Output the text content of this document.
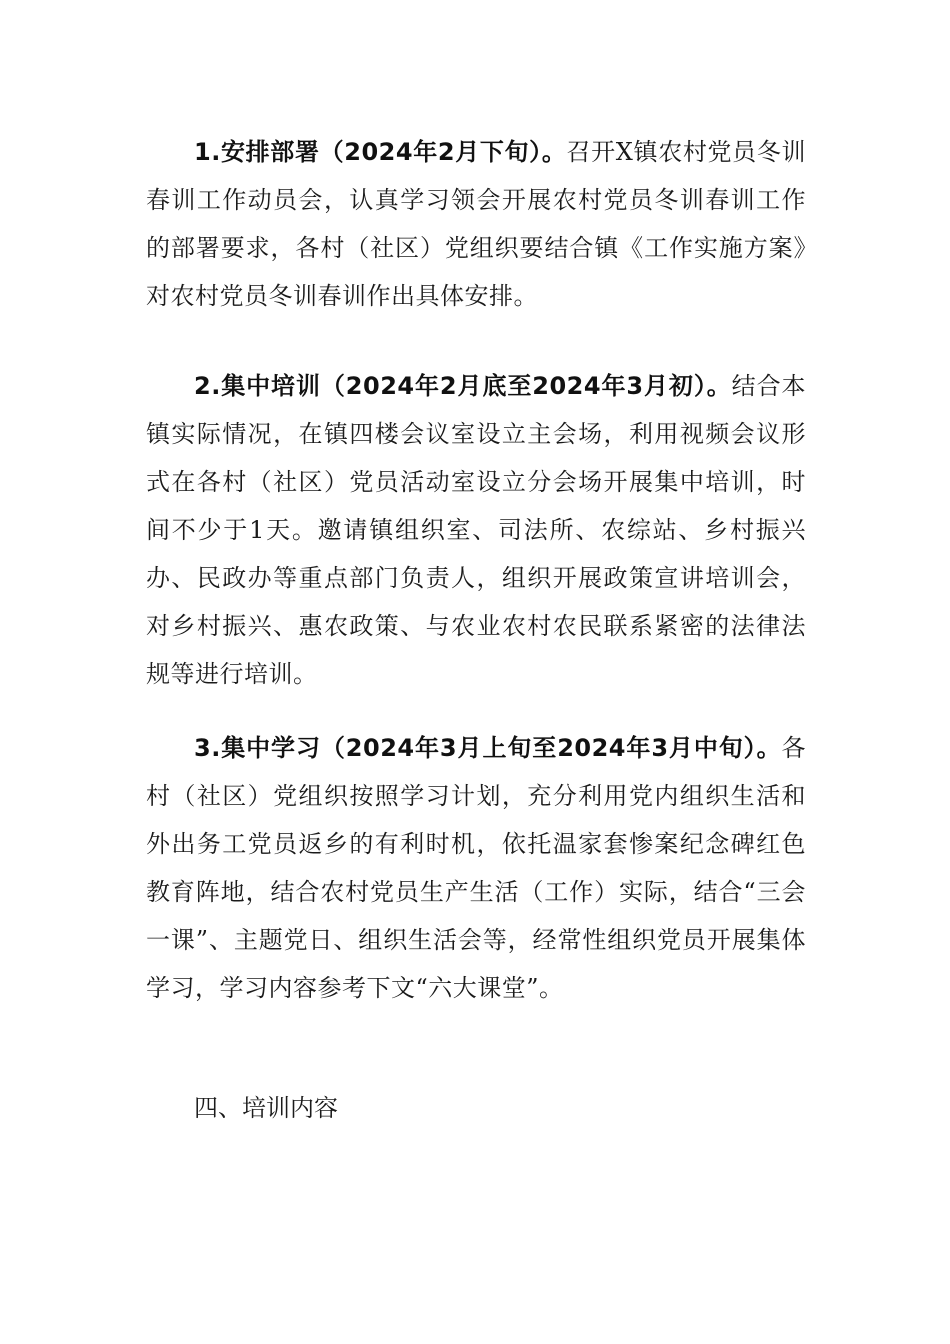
1.安排部署（2024年2月下旬）。召开X镇农村党员冬训春训工作动员会，认真学习领会开展农村党员冬训春训工作的部署要求，各村（社区）党组织要结合镇《工作实施方案》对农村党员冬训春训作出具体安排。

2.集中培训（2024年2月底至2024年3月初）。结合本镇实际情况，在镇四楼会议室设立主会场，利用视频会议形式在各村（社区）党员活动室设立分会场开展集中培训，时间不少于1天。邀请镇组织室、司法所、农综站、乡村振兴办、民政办等重点部门负责人，组织开展政策宣讲培训会，对乡村振兴、惠农政策、与农业农村农民联系紧密的法律法规等进行培训。

3.集中学习（2024年3月上旬至2024年3月中旬）。各村（社区）党组织按照学习计划，充分利用党内组织生活和外出务工党员返乡的有利时机，依托温家套惨案纪念碑红色教育阵地，结合农村党员生产生活（工作）实际，结合“三会一课”、主题党日、组织生活会等，经常性组织党员开展集体学习，学习内容参考下文“六大课堂”。

四、培训内容
